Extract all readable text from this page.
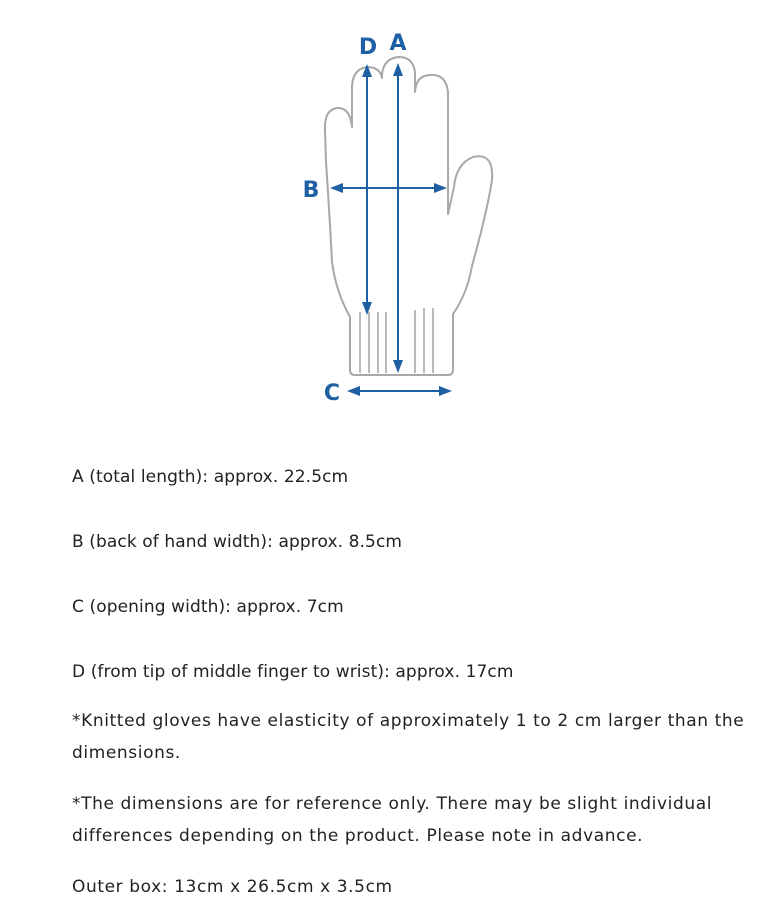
D A
B
C
A (total length): approx. 22.5cm
B (back of hand width): approx. 8.5cm
C (opening width): approx. 7cm
D (from tip of middle finger to wrist): approx. 17cm
*Knitted gloves have elasticity of approximately 1 to 2 cm larger than the dimensions.
*The dimensions are for reference only. There may be slight individual differences depending on the product. Please note in advance.
Outer box: 13cm x 26.5cm x 3.5cm
